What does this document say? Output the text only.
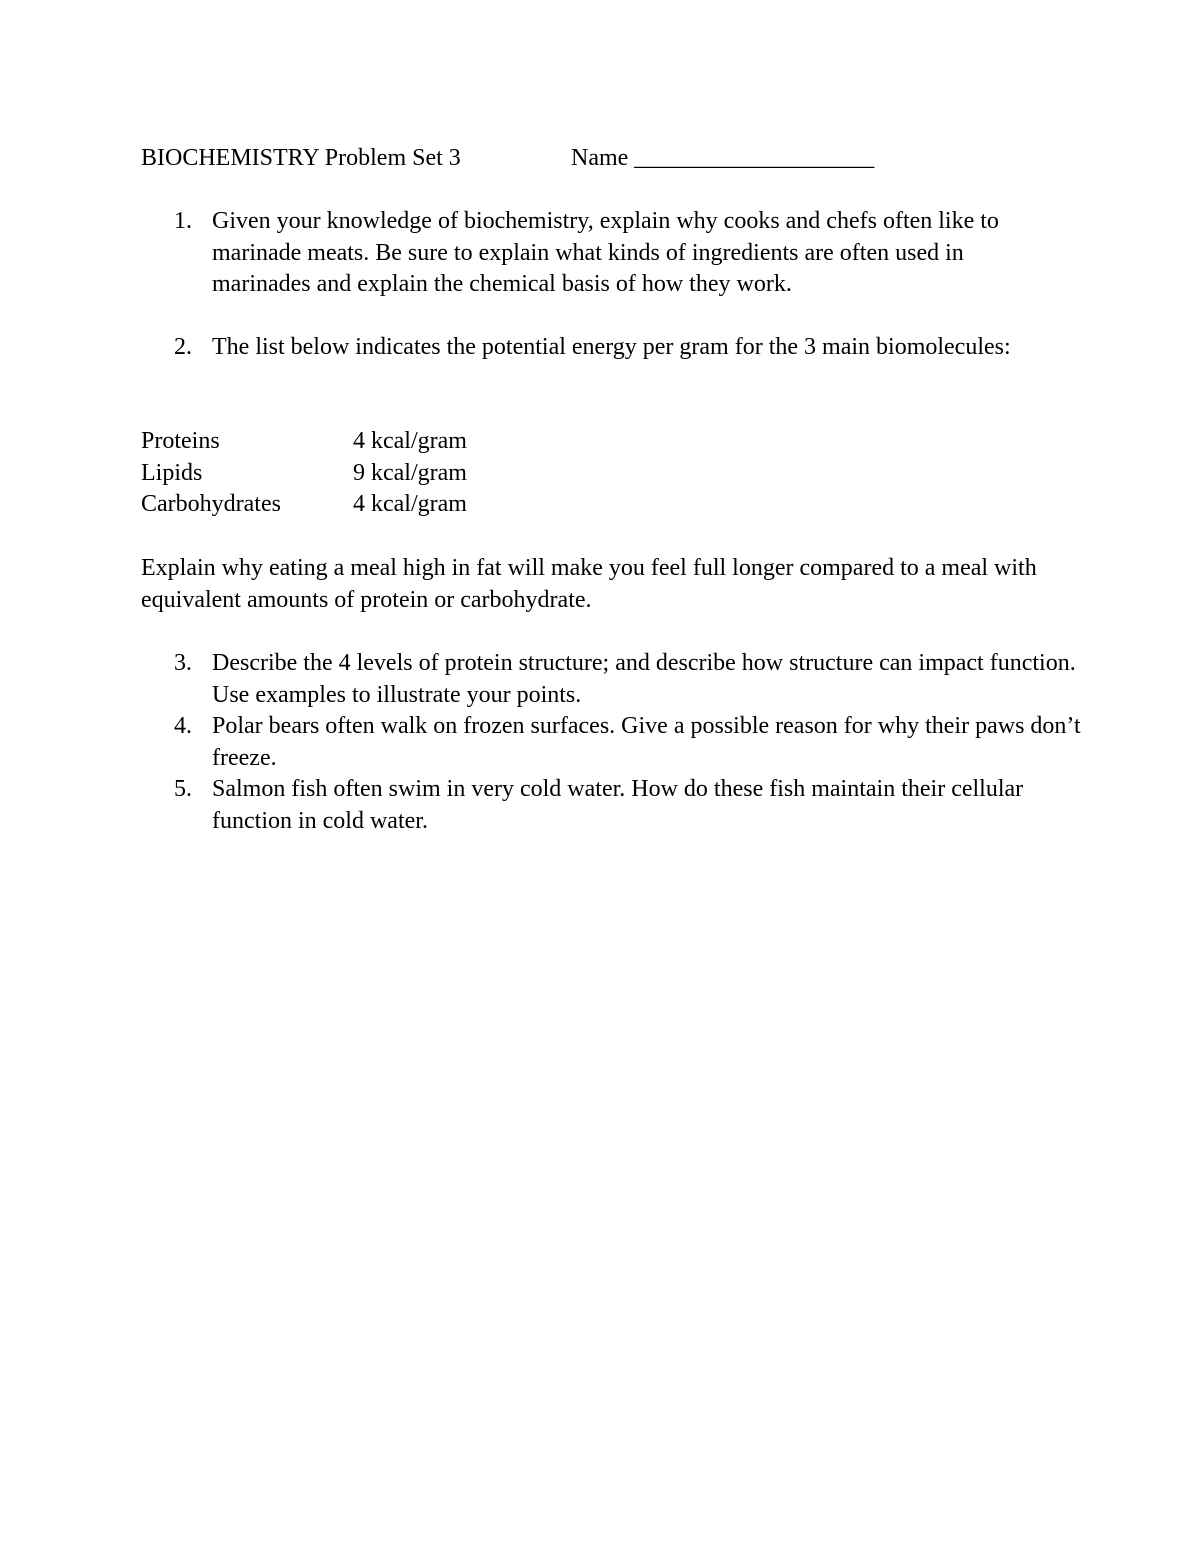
BIOCHEMISTRY Problem Set 3	Name ____________________
1. Given your knowledge of biochemistry, explain why cooks and chefs often like to marinade meats. Be sure to explain what kinds of ingredients are often used in marinades and explain the chemical basis of how they work.
2. The list below indicates the potential energy per gram for the 3 main biomolecules:
Proteins	4 kcal/gram
Lipids	9 kcal/gram
Carbohydrates	4 kcal/gram
Explain why eating a meal high in fat will make you feel full longer compared to a meal with equivalent amounts of protein or carbohydrate.
3. Describe the 4 levels of protein structure; and describe how structure can impact function. Use examples to illustrate your points.
4. Polar bears often walk on frozen surfaces. Give a possible reason for why their paws don’t freeze.
5. Salmon fish often swim in very cold water. How do these fish maintain their cellular function in cold water.
